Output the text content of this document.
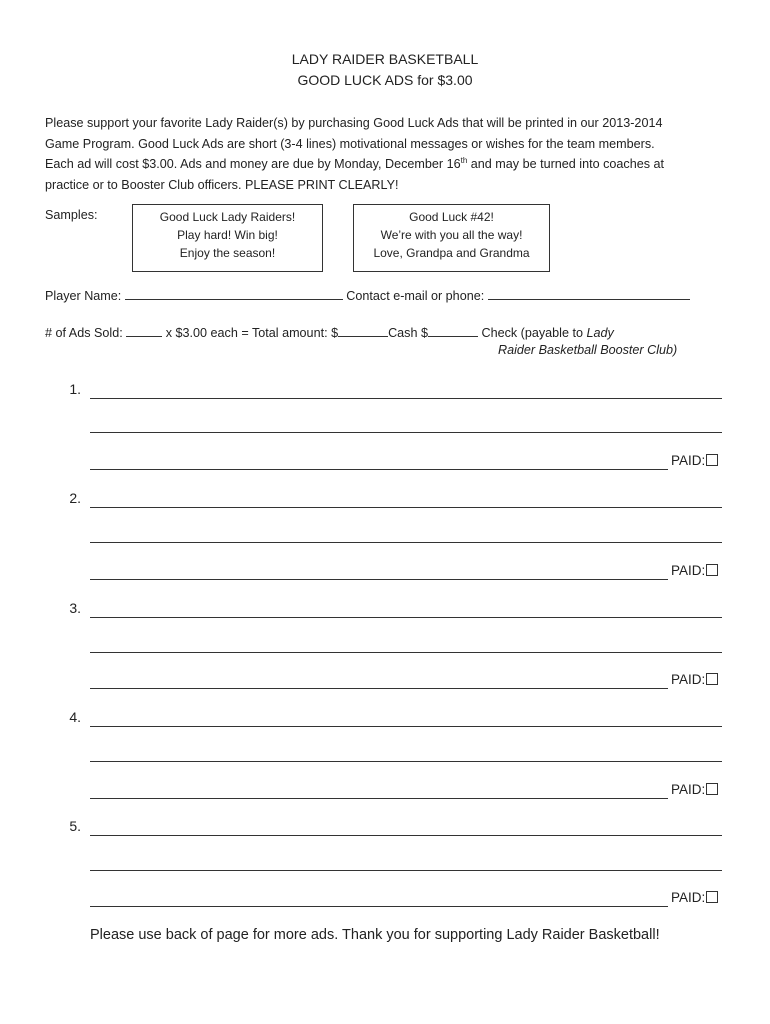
LADY RAIDER BASKETBALL
GOOD LUCK ADS for $3.00
Please support your favorite Lady Raider(s) by purchasing Good Luck Ads that will be printed in our 2013-2014
Game Program. Good Luck Ads are short (3-4 lines) motivational messages or wishes for the team members.
Each ad will cost $3.00. Ads and money are due by Monday, December 16th and may be turned into coaches at
practice or to Booster Club officers. PLEASE PRINT CLEARLY!
Samples:	Good Luck Lady Raiders!
Play hard! Win big!
Enjoy the season!
Good Luck #42!
We’re with you all the way!
Love, Grandpa and Grandma
Player Name:	Contact e-mail or phone:
# of Ads Sold:	x $3.00 each = Total amount: $	Cash $	Check (payable to Lady
Raider Basketball Booster Club)
1.
PAID:
2.
PAID:
3.
PAID:
4.
PAID:
5.
PAID:
Please use back of page for more ads. Thank you for supporting Lady Raider Basketball!
